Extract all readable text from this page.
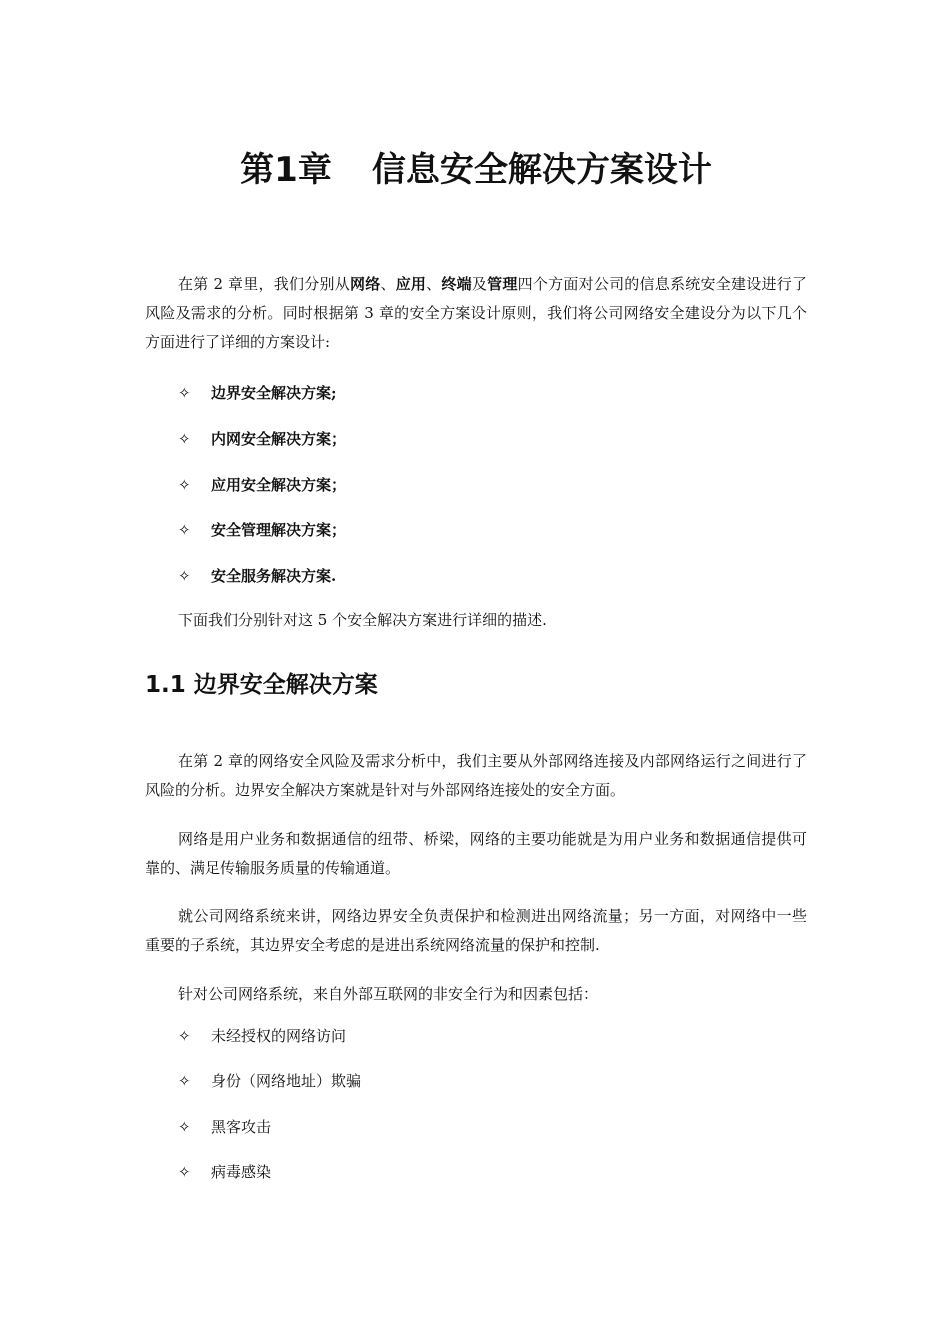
第1章 信息安全解决方案设计

在第 2 章里，我们分别从网络、应用、终端及管理四个方面对公司的信息系统安全建设进行了风险及需求的分析。同时根据第 3 章的安全方案设计原则，我们将公司网络安全建设分为以下几个方面进行了详细的方案设计:

✧ 边界安全解决方案;
✧ 内网安全解决方案；
✧ 应用安全解决方案；
✧ 安全管理解决方案；
✧ 安全服务解决方案.

下面我们分别针对这 5 个安全解决方案进行详细的描述.

1.1 边界安全解决方案

在第 2 章的网络安全风险及需求分析中，我们主要从外部网络连接及内部网络运行之间进行了风险的分析。边界安全解决方案就是针对与外部网络连接处的安全方面。

网络是用户业务和数据通信的纽带、桥梁，网络的主要功能就是为用户业务和数据通信提供可靠的、满足传输服务质量的传输通道。

就公司网络系统来讲，网络边界安全负责保护和检测进出网络流量；另一方面，对网络中一些重要的子系统，其边界安全考虑的是进出系统网络流量的保护和控制.

针对公司网络系统，来自外部互联网的非安全行为和因素包括：

✧ 未经授权的网络访问
✧ 身份（网络地址）欺骗
✧ 黑客攻击
✧ 病毒感染
